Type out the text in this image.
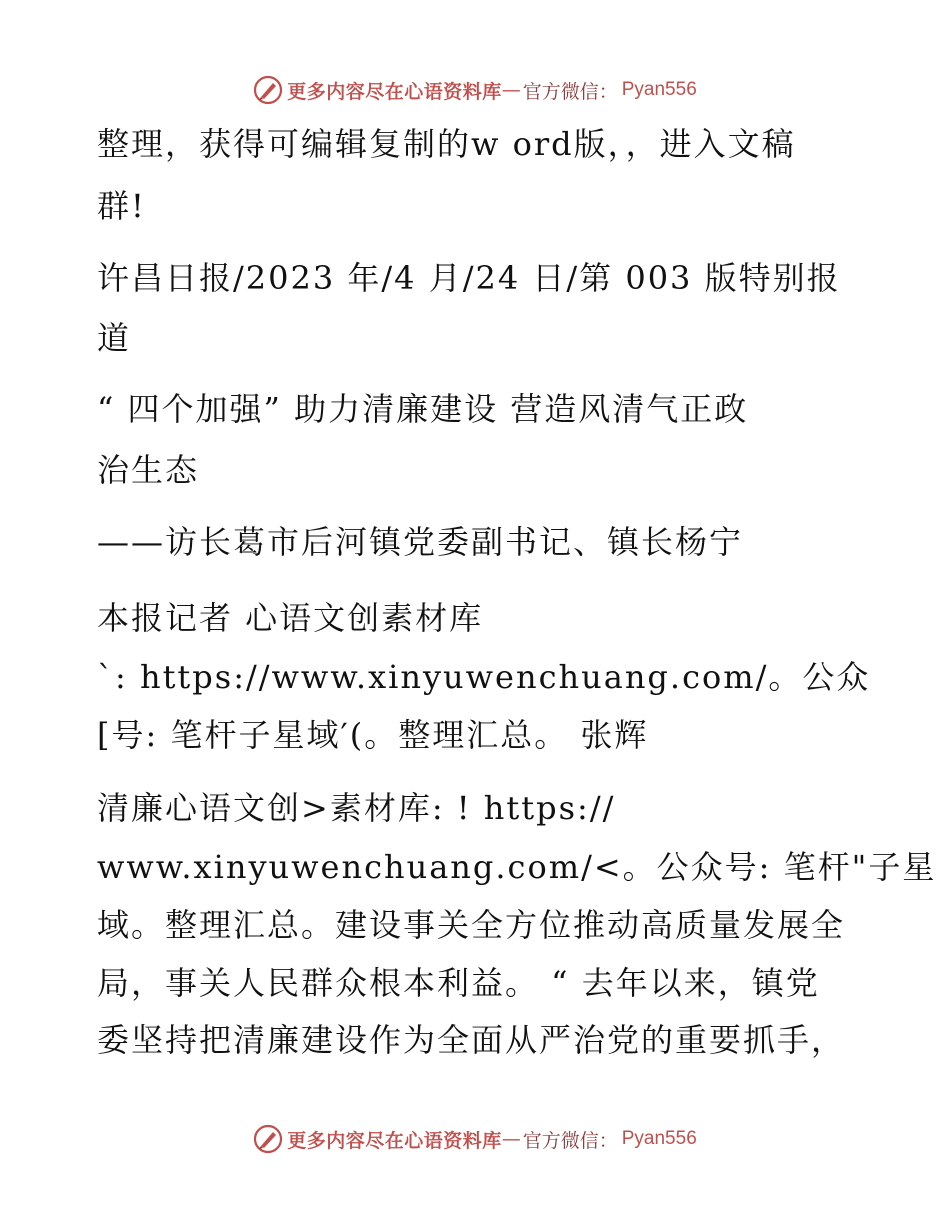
更多内容尽在心语资料库 — 官方微信： Pyan556
整理，获得可编辑复制的w ord版，，进入文稿
群!
许昌日报/2023 年/4 月/24 日/第 003 版特别报
道
“ 四个加强” 助力清廉建设 营造风清气正政
治生态
——访长葛市后河镇党委副书记、镇长杨宁
本报记者 心语文创素材库
`: https://www.xinyuwenchuang.com/。公众
[号: 笔杆子星域′(。整理汇总。 张辉
清廉心语文创>素材库: ! https://
www.xinyuwenchuang.com/<。公众号: 笔杆"子星
域。整理汇总。建设事关全方位推动高质量发展全
局，事关人民群众根本利益。 “ 去年以来，镇党
委坚持把清廉建设作为全面从严治党的重要抓手，
更多内容尽在心语资料库 — 官方微信： Pyan556
